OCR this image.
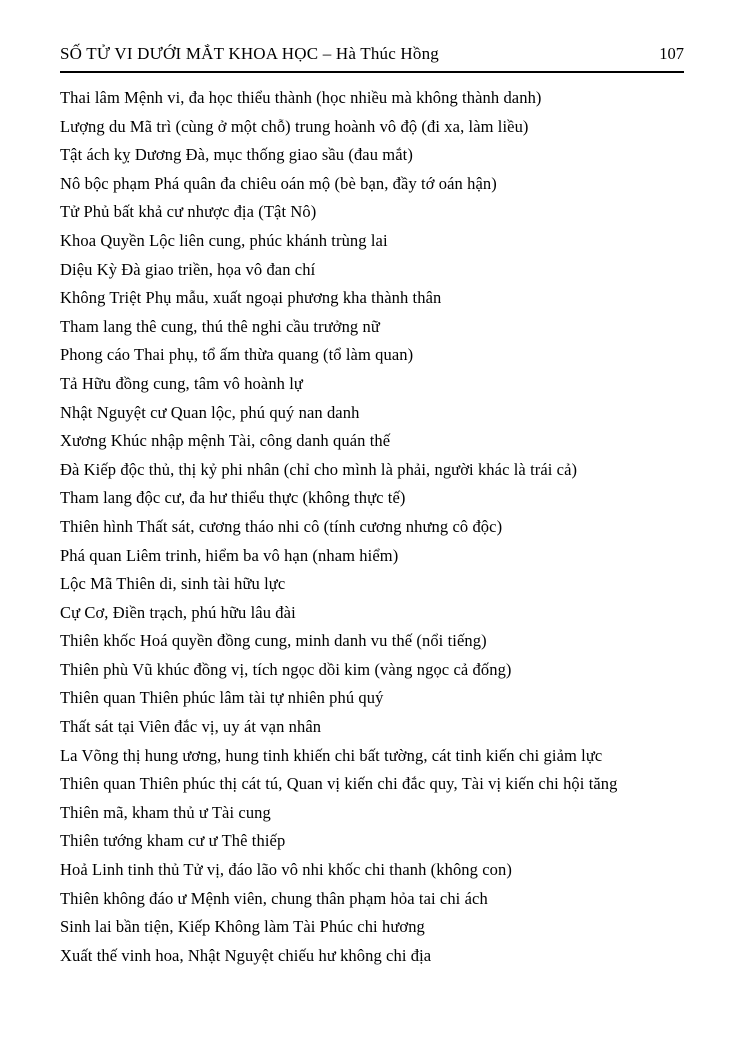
SỐ TỬ VI DƯỚI MẮT KHOA HỌC – Hà Thúc Hồng	107

Thai lâm Mệnh vi, đa học thiểu thành (học nhiều mà không thành danh)

Lượng du Mã trì (cùng ở một chỗ) trung hoành vô độ (đi xa, làm liều)

Tật ách kỵ Dương Đà, mục thống giao sầu (đau mắt)

Nô bộc phạm Phá quân đa chiêu oán mộ (bè bạn, đầy tớ oán hận)

Tử Phủ bất khả cư nhược địa (Tật Nô)

Khoa Quyền Lộc liên cung, phúc khánh trùng lai

Diệu Kỳ Đà giao triền, họa vô đan chí

Không Triệt Phụ mẫu, xuất ngoại phương kha thành thân

Tham lang thê cung, thú thê nghi cầu trưởng nữ

Phong cáo Thai phụ, tổ ấm thừa quang (tổ làm quan)

Tả Hữu đồng cung, tâm vô hoành lự

Nhật Nguyệt cư Quan lộc, phú quý nan danh

Xương Khúc nhập mệnh Tài, công danh quán thế

Đà Kiếp độc thủ, thị kỷ phi nhân (chỉ cho mình là phải, người khác là trái cả)

Tham lang độc cư, đa hư thiểu thực (không thực tế)

Thiên hình Thất sát, cương tháo nhi cô (tính cương nhưng cô độc)

Phá quan Liêm trinh, hiểm ba vô hạn (nham hiểm)

Lộc Mã Thiên di, sinh tài hữu lực

Cự Cơ, Điền trạch, phú hữu lâu đài

Thiên khốc Hoá quyền đồng cung, minh danh vu thế (nổi tiếng)

Thiên phù Vũ khúc đồng vị, tích ngọc dồi kim (vàng ngọc cả đống)

Thiên quan Thiên phúc lâm tài tự nhiên phú quý

Thất sát tại Viên đắc vị, uy át vạn nhân

La Võng thị hung ương, hung tinh khiến chi bất tường, cát tinh kiến chi giảm lực

Thiên quan Thiên phúc thị cát tú, Quan vị kiến chi đắc quy, Tài vị kiến chi hội tăng

Thiên mã, kham thủ ư Tài cung

Thiên tướng kham cư ư Thê thiếp

Hoả Linh tinh thủ Tử vị, đáo lão vô nhi khốc chi thanh (không con)

Thiên không đáo ư Mệnh viên, chung thân phạm hỏa tai chi ách

Sinh lai bần tiện, Kiếp Không làm Tài Phúc chi hương

Xuất thế vinh hoa, Nhật Nguyệt chiếu hư không chi địa
